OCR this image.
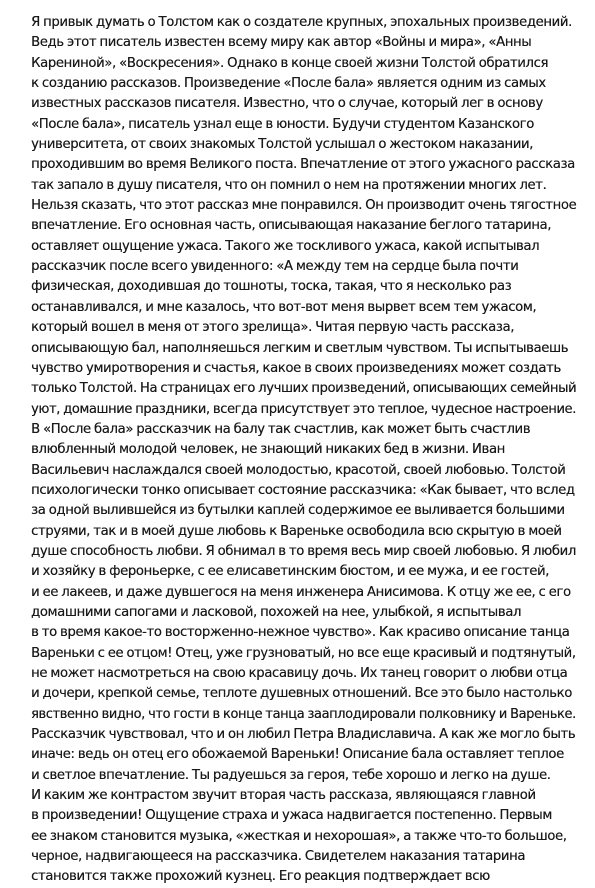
Я привык думать о Толстом как о создателе крупных, эпохальных произведений.
Ведь этот писатель известен всему миру как автор «Войны и мира», «Анны
Карениной», «Воскресения». Однако в конце своей жизни Толстой обратился
к созданию рассказов. Произведение «После бала» является одним из самых
известных рассказов писателя. Известно, что о случае, который лег в основу
«После бала», писатель узнал еще в юности. Будучи студентом Казанского
университета, от своих знакомых Толстой услышал о жестоком наказании,
проходившим во время Великого поста. Впечатление от этого ужасного рассказа
так запало в душу писателя, что он помнил о нем на протяжении многих лет.
Нельзя сказать, что этот рассказ мне понравился. Он производит очень тягостное
впечатление. Его основная часть, описывающая наказание беглого татарина,
оставляет ощущение ужаса. Такого же тоскливого ужаса, какой испытывал
рассказчик после всего увиденного: «А между тем на сердце была почти
физическая, доходившая до тошноты, тоска, такая, что я несколько раз
останавливался, и мне казалось, что вот-вот меня вырвет всем тем ужасом,
который вошел в меня от этого зрелища». Читая первую часть рассказа,
описывающую бал, наполняешься легким и светлым чувством. Ты испытываешь
чувство умиротворения и счастья, какое в своих произведениях может создать
только Толстой. На страницах его лучших произведений, описывающих семейный
уют, домашние праздники, всегда присутствует это теплое, чудесное настроение.
В «После бала» рассказчик на балу так счастлив, как может быть счастлив
влюбленный молодой человек, не знающий никаких бед в жизни. Иван
Васильевич наслаждался своей молодостью, красотой, своей любовью. Толстой
психологически тонко описывает состояние рассказчика: «Как бывает, что вслед
за одной вылившейся из бутылки каплей содержимое ее выливается большими
струями, так и в моей душе любовь к Вареньке освободила всю скрытую в моей
душе способность любви. Я обнимал в то время весь мир своей любовью. Я любил
и хозяйку в фероньерке, с ее елисаветинским бюстом, и ее мужа, и ее гостей,
и ее лакеев, и даже дувшегося на меня инженера Анисимова. К отцу же ее, с его
домашними сапогами и ласковой, похожей на нее, улыбкой, я испытывал
в то время какое-то восторженно-нежное чувство». Как красиво описание танца
Вареньки с ее отцом! Отец, уже грузноватый, но все еще красивый и подтянутый,
не может насмотреться на свою красавицу дочь. Их танец говорит о любви отца
и дочери, крепкой семье, теплоте душевных отношений. Все это было настолько
явственно видно, что гости в конце танца зааплодировали полковнику и Вареньке.
Рассказчик чувствовал, что и он любил Петра Владиславича. А как же могло быть
иначе: ведь он отец его обожаемой Вареньки! Описание бала оставляет теплое
и светлое впечатление. Ты радуешься за героя, тебе хорошо и легко на душе.
И каким же контрастом звучит вторая часть рассказа, являющаяся главной
в произведении! Ощущение страха и ужаса надвигается постепенно. Первым
ее знаком становится музыка, «жесткая и нехорошая», а также что-то большое,
черное, надвигающееся на рассказчика. Свидетелем наказания татарина
становится также прохожий кузнец. Его реакция подтверждает всю
